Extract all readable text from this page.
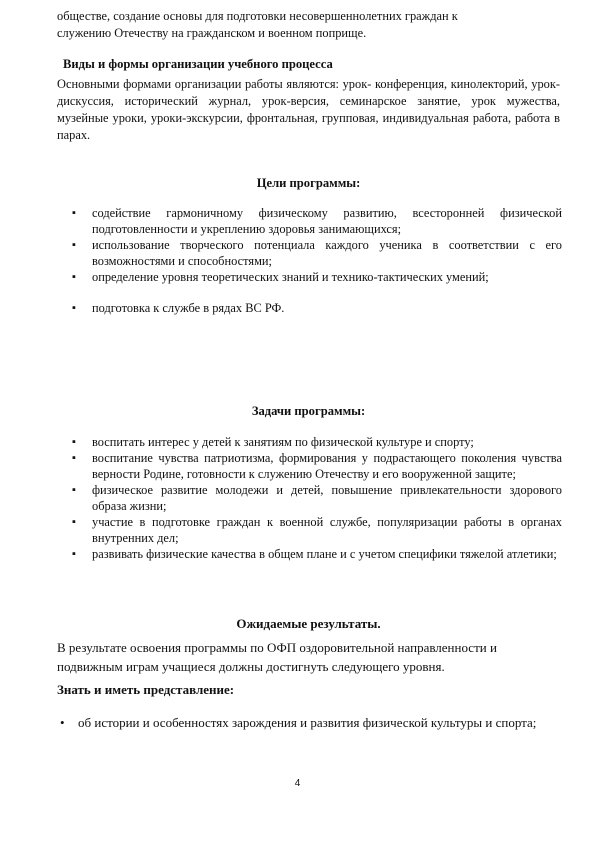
обществе, создание основы для подготовки несовершеннолетних граждан к
служению Отечеству на гражданском и военном поприще.

Виды и формы организации учебного процесса

Основными формами организации работы являются: урок- конференция, кинолекторий, урок-дискуссия, исторический журнал, урок-версия, семинарское занятие, урок мужества, музейные уроки, уроки-экскурсии, фронтальная, групповая, индивидуальная работа, работа в парах.

Цели программы:

▪ содействие гармоничному физическому развитию, всесторонней физической подготовленности и укреплению здоровья занимающихся;
▪ использование творческого потенциала каждого ученика в соответствии с его возможностями и способностями;
▪ определение уровня теоретических знаний и технико-тактических умений;
▪ подготовка к службе в рядах ВС РФ.

Задачи программы:

▪ воспитать интерес у детей к занятиям по физической культуре и спорту;
▪ воспитание чувства патриотизма, формирования у подрастающего поколения чувства верности Родине, готовности к служению Отечеству и его вооруженной защите;
▪ физическое развитие молодежи и детей, повышение привлекательности здорового образа жизни;
▪ участие в подготовке граждан к военной службе, популяризации работы в органах внутренних дел;
▪ развивать физические качества в общем плане и с учетом специфики тяжелой атлетики;

Ожидаемые результаты.

В результате освоения программы по ОФП оздоровительной направленности и подвижным играм учащиеся должны достигнуть следующего уровня.

Знать и иметь представление:

• об истории и особенностях зарождения и развития физической культуры и спорта;
4
